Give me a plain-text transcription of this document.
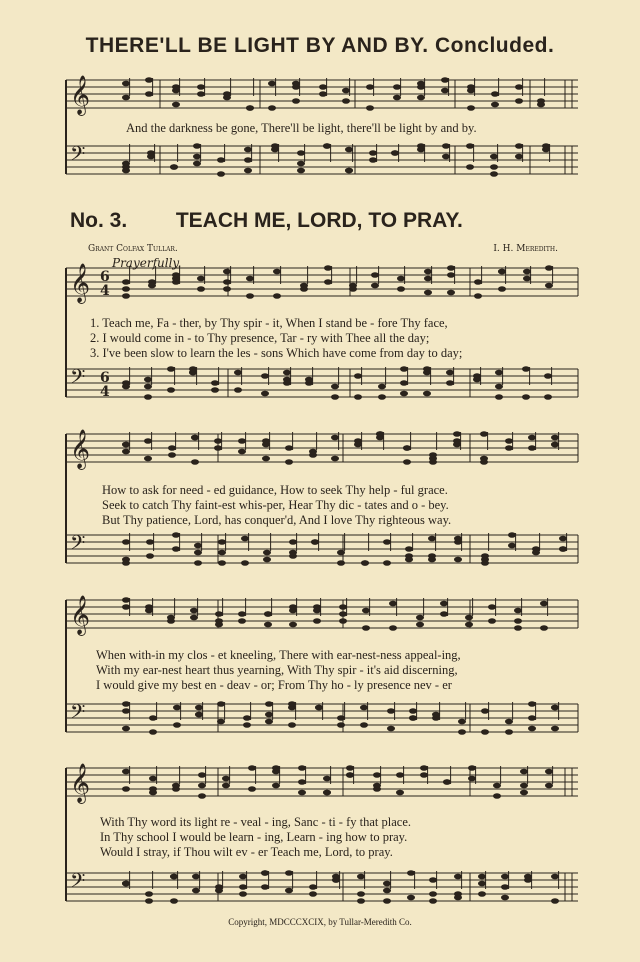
THERE'LL BE LIGHT BY AND BY. Concluded.
𝄞
𝄢
𝄞
𝄢
𝄞
𝄢
𝄞
𝄢
𝄞
𝄢
6
4
6
4
And the darkness be gone, There'll be light, there'll be light by and by.
No. 3. TEACH ME, LORD, TO PRAY.
Grant Colfax Tullar.	I. H. Meredith.
Prayerfully.
1. Teach me, Fa - ther, by Thy spir - it, When I stand be - fore Thy face,
2. I would come in - to Thy presence, Tar - ry with Thee all the day;
3. I've been slow to learn the les - sons Which have come from day to day;
How to ask for need - ed guidance, How to seek Thy help - ful grace.
Seek to catch Thy faint-est whis-per, Hear Thy dic - tates and o - bey.
But Thy patience, Lord, has conquer'd, And I love Thy righteous way.
When with-in my clos - et kneeling, There with ear-nest-ness appeal-ing,
With my ear-nest heart thus yearning, With Thy spir - it's aid discerning,
I would give my best en - deav - or; From Thy ho - ly presence nev - er
With Thy word its light re - veal - ing, Sanc - ti - fy that place.
In Thy school I would be learn - ing, Learn - ing how to pray.
Would I stray, if Thou wilt ev - er Teach me, Lord, to pray.
Copyright, MDCCCXCIX, by Tullar-Meredith Co.
